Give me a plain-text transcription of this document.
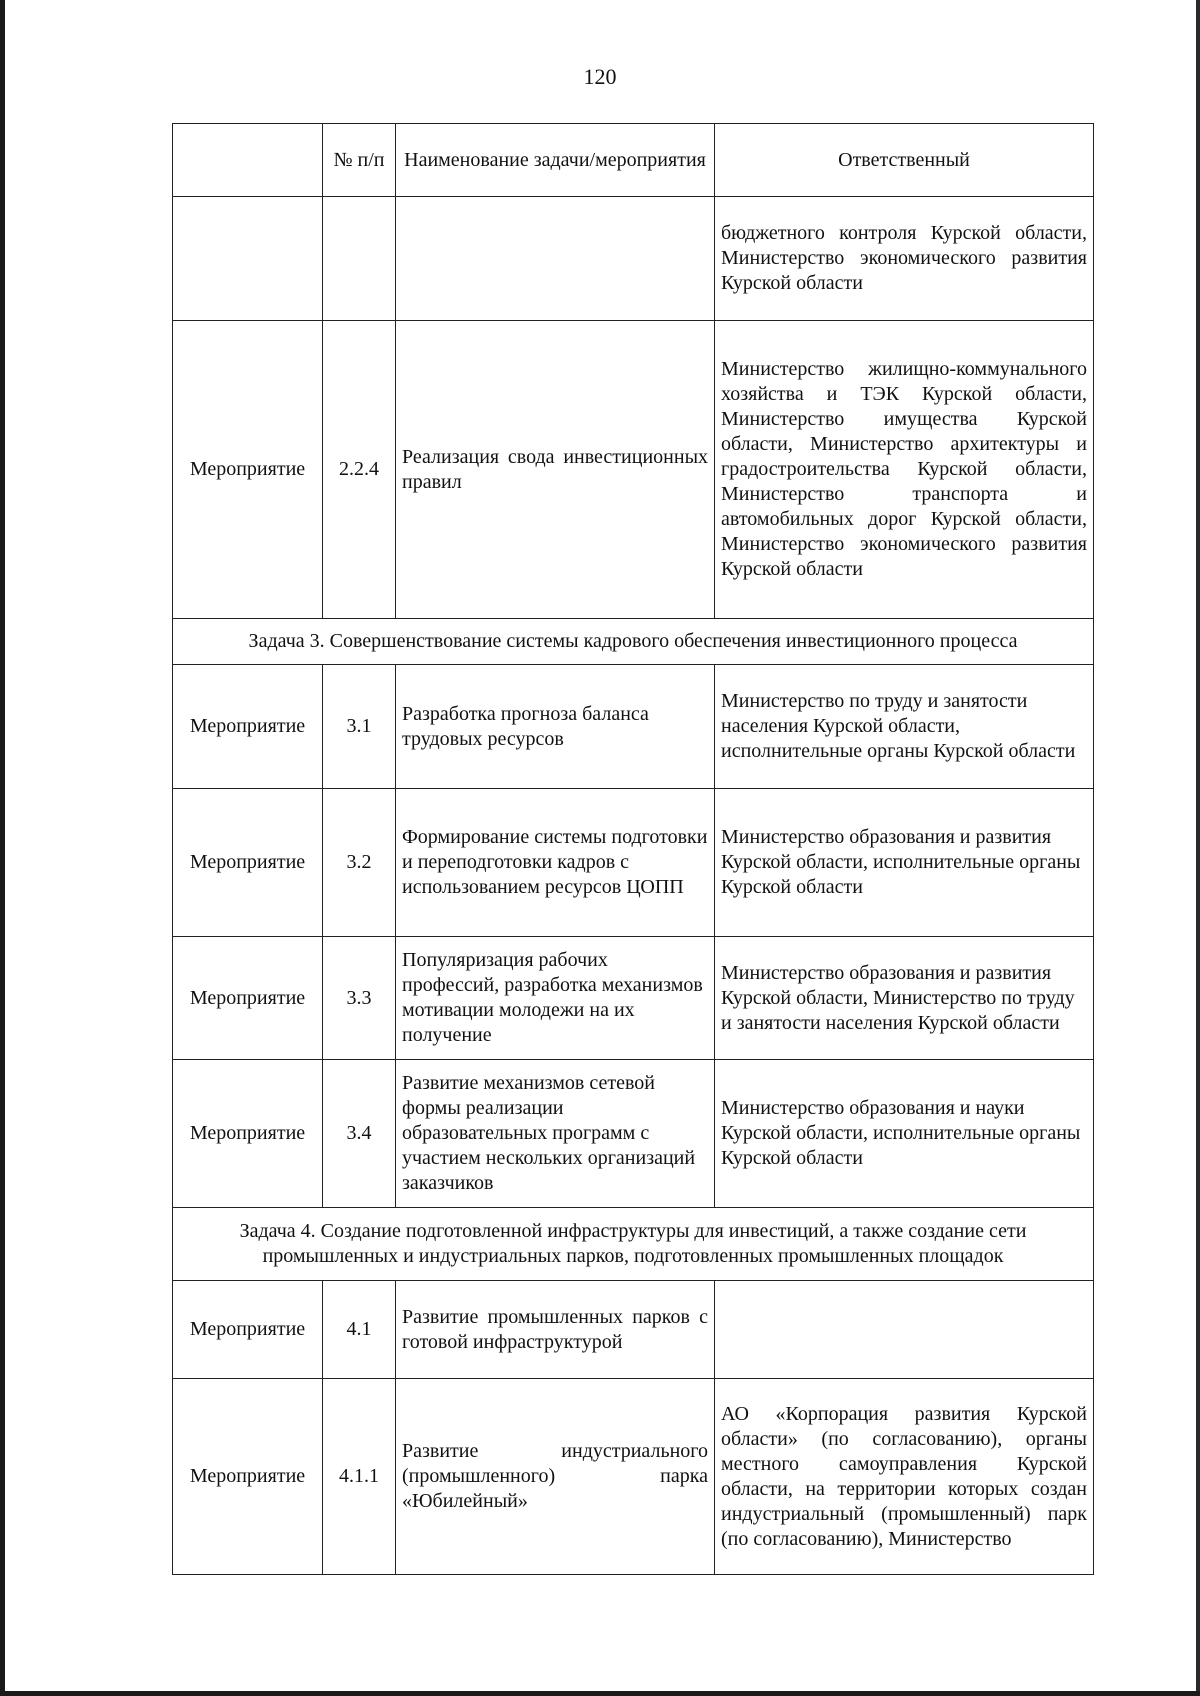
120
	№ п/п	Наименование задачи/мероприятия	Ответственный
			бюджетного контроля Курской области, Министерство экономического развития Курской области
Мероприятие	2.2.4	Реализация свода инвестиционных правил	Министерство жилищно-коммунального хозяйства и ТЭК Курской области, Министерство имущества Курской области, Министерство архитектуры и градостроительства Курской области, Министерство транспорта и автомобильных дорог Курской области, Министерство экономического развития Курской области
Задача 3. Совершенствование системы кадрового обеспечения инвестиционного процесса			
Мероприятие	3.1	Разработка прогноза баланса трудовых ресурсов	Министерство по труду и занятости населения Курской области, исполнительные органы Курской области
Мероприятие	3.2	Формирование системы подготовки и переподготовки кадров с использованием ресурсов ЦОПП	Министерство образования и развития Курской области, исполнительные органы Курской области
Мероприятие	3.3	Популяризация рабочих профессий, разработка механизмов мотивации молодежи на их получение	Министерство образования и развития Курской области, Министерство по труду и занятости населения Курской области
Мероприятие	3.4	Развитие механизмов сетевой формы реализации образовательных программ с участием нескольких организаций заказчиков	Министерство образования и науки Курской области, исполнительные органы Курской области
Задача 4. Создание подготовленной инфраструктуры для инвестиций, а также создание сети промышленных и индустриальных парков, подготовленных промышленных площадок			
Мероприятие	4.1	Развитие промышленных парков с готовой инфраструктурой	
Мероприятие	4.1.1	Развитие индустриального (промышленного) парка «Юбилейный»	АО «Корпорация развития Курской области» (по согласованию), органы местного самоуправления Курской области, на территории которых создан индустриальный (промышленный) парк (по согласованию), Министерство
